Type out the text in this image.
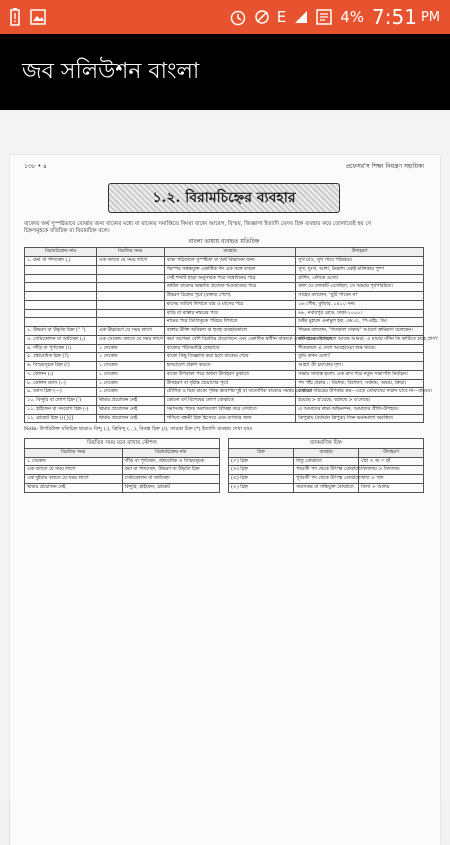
E	4% 7:51 PM
জব সলিউশন বাংলা
১৩৮ • ৪	প্রফেসর'স শিক্ষা নিয়ন্ত্রণ সহায়িকা
১.২. বিরামচিহ্নের ব্যবহার
বাক্যের অর্থ সুস্পষ্টভাবে বোঝার জন্য বাক্যের মধ্যে বা বাক্যের সমাপ্তিতে কিংবা বাক্যে আবেগ, বিস্ময়, জিজ্ঞাসা ইত্যাদি যেসব চিহ্ন ব্যবহার করে তোলাতেই হয় সে
চিহ্নসমূহকে যতিচিহ্ন বা বিরামচিহ্ন বলে।
বাংলা ভাষায় ব্যবহৃত যতিচিহ্ন
বিরামচিহ্নের নাম	বিরতির সময়	ব্যবহার	উদাহরণ
১. কমা বা পাদচ্ছেদ (,)	এক বলতে যে সময় লাগে	বাক্য পাঠকালে সুস্পষ্টতা বা অর্থ বিভাজন জন্য	সুখ চাও, সুখ পাবে পরিশ্রমে।
		পরস্পর সম্বন্ধযুক্ত একাধিক পদ এক সঙ্গে বসলে	সুখ, দুঃখ, আশা, নৈরাশ্য একই মালিকার পুষ্প
		সেই শব্দটি ছাড়া অনুসারক পরে সম্বোধনের পরে	রাশিদ, এদিকে এসো।
		জটিল বাক্যের অন্তর্গত প্রত্যেক খণ্ডবাক্যের পরে	কাল যে লোকটি এসেছিল, সে আমার পূর্বপরিচিত।
		উদ্ধরণ চিহ্নের পূর্বে (বক্তব্য পেশে)	সাহেব বললেন, 'ছুটি পাবেন না'
		মাসের তারিখ লিখতে বার ও মাসের পরে	১৬ পৌষ, বুধবার, ১৪১০ সন।
		বাড়ি বা রাস্তার নম্বরের পরে	৬৮, নবাবপুর রোড, ঢাকা-১০০০।
		নামের পরে ডিগ্রিসূচক পরিচয় লিখতে	ডক্টর মুহম্মদ এনামুল হক, এম.এ., পি-এইচ. ডি।
২. উদ্ধরণ বা উদ্ধৃতি চিহ্ন (" ")	এক উচ্চারণে যে সময় লাগে	বক্তার উক্তি অবিকল বা হুবহু ব্যবহারকালে	শিক্ষক বললেন, "গতকাল ঢাকায়" আবেগ ক্রমিকাণ বলেছেন।
৩. সেমিকোলন বা অর্ধচ্ছেদ (;)	এক সেকেন্ড বলতে যে সময় লাগে	কমা অপেক্ষা বেশি বিরতির প্রয়োজনে এবং একাধিক স্বাধীন বাক্যকে একটি বাক্যে লিখলে	সংসারের মায়াজালে আবদ্ধ আমরা; এ মায়ার বাঁধন কি কাটিতে চাহে প্রাণ?
৪. দাঁড়ি বা পূর্ণচ্ছেদ (।)	১ সেকেন্ড	বাক্যের পরিসমাপ্তি বোঝাতে	শীতকালে এ দেশে আবহাওয়া শুষ্ক থাকে।
৫. প্রশ্নবোধক চিহ্ন (?)	১ সেকেন্ড	বাক্যে কিছু জিজ্ঞাসা করা হলে বাক্যের শেষে	তুমি কখন এলে?
৬. বিস্ময়সূচক চিহ্ন (!)	১ সেকেন্ড	হৃদয়াবেগ প্রকাশ করতে	আহা! কী চমৎকার দৃশ্য।
৭. কোলন (:)	১ সেকেন্ড	বাক্যে উপবাক্য পরে অথবা উদাহরণ বুঝাতে	সভায় সাব্যস্ত হলো: এক মাস পরে নতুন সভাপতি নির্বাচন।
৮. কোলন ড্যাস (:-)	১ সেকেন্ড	উদাহরণ বা দৃষ্টান্ত প্রয়োগের পূর্বে	পদ পাঁচ প্রকার :- বিশেষ্য, বিশেষণ, সর্বনাম, অব্যয়, ক্রিয়া।
৯. ড্যাস চিহ্ন (—)	১ সেকেন্ড	যৌগিক ও মিশ্র বাক্যে পৃথক ভাবাপন্ন দুই বা ততোধিক বাক্যের সমন্বয় বোঝাতে	তোমরা দরিদ্রের উপকার কর—এতে তোমাদের সম্মান যাবে না—বাড়বে।
১০. বিন্দুরি বা লোপ চিহ্ন (')	থামার প্রয়োজন নেই	কোনো বর্ণ বিশেষের লোপ বোঝাতে	হয়েছে > হ'য়েছে, বলেছে > ব'লেছে।
১১. হাইফেন বা সংযোগ চিহ্ন (-)	থামার প্রয়োজন নেই	সমাসবদ্ধ পদের অংশগুলো বিচ্ছিন্ন করে দেখাতে	এ আমাদের শ্রদ্ধা-অভিনন্দন, আমাদের প্রীতি-উপহার।
১২. ব্রাকেট চিহ্ন (){}[]	থামার প্রয়োজন নেই	গণিতে বন্ধনী চিহ্ন হিসেবে এবং ব্যাখ্যার জন্য	ত্রিপুরায় (বর্তমান ত্রিপুরা) জিন ভবনমালা অবস্থিত।
Note: উপরিউক্ত যতিচিহ্ন ছাড়াও বিন্দু (.), ত্রিবিন্দু (…), বিকল্প চিহ্ন (/), তারকা চিহ্ন (*) ইত্যাদি ব্যবহার দেখা যায়।
বিরতির সময় মনে রাখার কৌশল
বিরতির সময়	বিরামচিহ্নের নাম
১ সেকেন্ড	দাঁড়ি বা পূর্ণচ্ছেদ, প্রশ্নবোধক ও বিস্ময়সূচক
এক বলতে যে সময় লাগে	কমা বা পাদচ্ছেদ, উদ্ধরণ বা উদ্ধৃতি চিহ্ন
এক দুইবার বলতে যে সময় লাগে	সেমিকোলন বা অর্ধচ্ছেদ
থামার প্রয়োজন নেই	বিন্দুরি, হাইফেন, ব্রাকেট
ব্যাকরণিক চিহ্ন
চিহ্ন	ব্যবহার	উদাহরণ
(✓) চিহ্ন	ধাতু বোঝাতে	√হা + অ = হাঁ
(>) চিহ্ন	পরবর্তী পদ থেকে উৎপন্ন বোঝাতে	বিদ্যালয় > বিদ্যালয়
(<) চিহ্ন	পূর্ববর্তী পদ থেকে উৎপন্ন বোঝাতে	খাদ্য > খাদ
(+) চিহ্ন	সমাসবদ্ধ বা সন্ধিযুক্ত বোঝাতে	বিদ্যা + আলয়
